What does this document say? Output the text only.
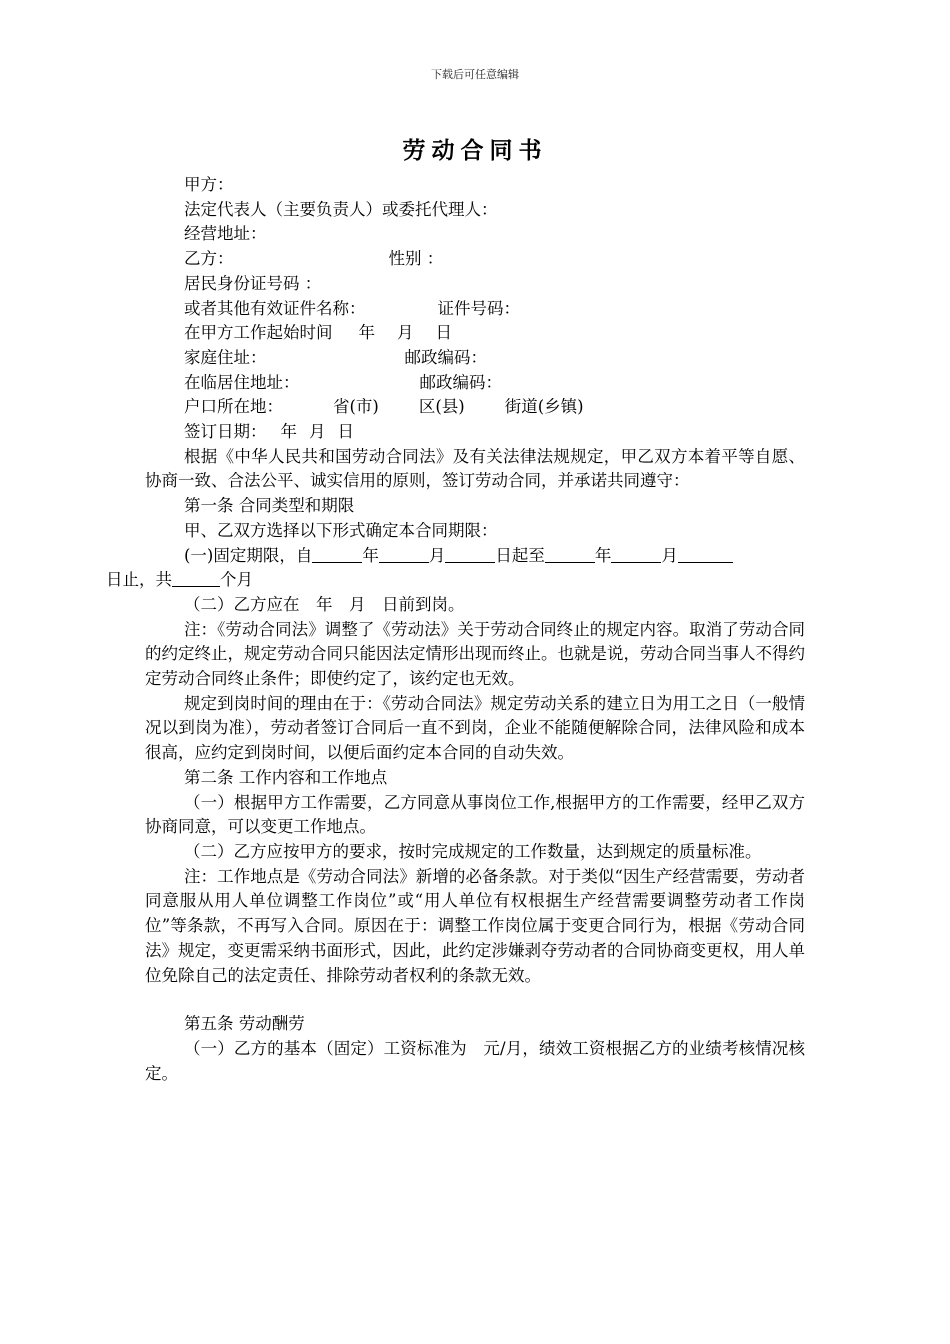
下载后可任意编辑
劳动合同书
甲方：
法定代表人（主要负责人）或委托代理人：
经营地址：
乙方：	性别 ：
居民身份证号码 ：
或者其他有效证件名称：	证件号码：
在甲方工作起始时间 年 月 日
家庭住址：	邮政编码：
在临居住地址：	邮政编码：
户口所在地：	省(市) 区(县) 街道(乡镇)
签订日期： 年 月 日
根据《中华人民共和国劳动合同法》及有关法律法规规定，甲乙双方本着平等自愿、协商一致、合法公平、诚实信用的原则，签订劳动合同，并承诺共同遵守：
第一条 合同类型和期限
甲、乙双方选择以下形式确定本合同期限：
(一)固定期限，自	年	月	日起至	年	月
日止，共	个月
（二）乙方应在　年　月　日前到岗。
注：《劳动合同法》调整了《劳动法》关于劳动合同终止的规定内容。取消了劳动合同的约定终止，规定劳动合同只能因法定情形出现而终止。也就是说，劳动合同当事人不得约定劳动合同终止条件；即使约定了，该约定也无效。
规定到岗时间的理由在于：《劳动合同法》规定劳动关系的建立日为用工之日（一般情况以到岗为准），劳动者签订合同后一直不到岗，企业不能随便解除合同，法律风险和成本很高，应约定到岗时间，以便后面约定本合同的自动失效。
第二条 工作内容和工作地点
（一）根据甲方工作需要，乙方同意从事岗位工作,根据甲方的工作需要，经甲乙双方协商同意，可以变更工作地点。
（二）乙方应按甲方的要求，按时完成规定的工作数量，达到规定的质量标准。
注：工作地点是《劳动合同法》新增的必备条款。对于类似“因生产经营需要，劳动者同意服从用人单位调整工作岗位”或“用人单位有权根据生产经营需要调整劳动者工作岗位”等条款，不再写入合同。原因在于：调整工作岗位属于变更合同行为，根据《劳动合同法》规定，变更需采纳书面形式，因此，此约定涉嫌剥夺劳动者的合同协商变更权，用人单位免除自己的法定责任、排除劳动者权利的条款无效。
第五条 劳动酬劳
（一）乙方的基本（固定）工资标准为　元/月，绩效工资根据乙方的业绩考核情况核定。
